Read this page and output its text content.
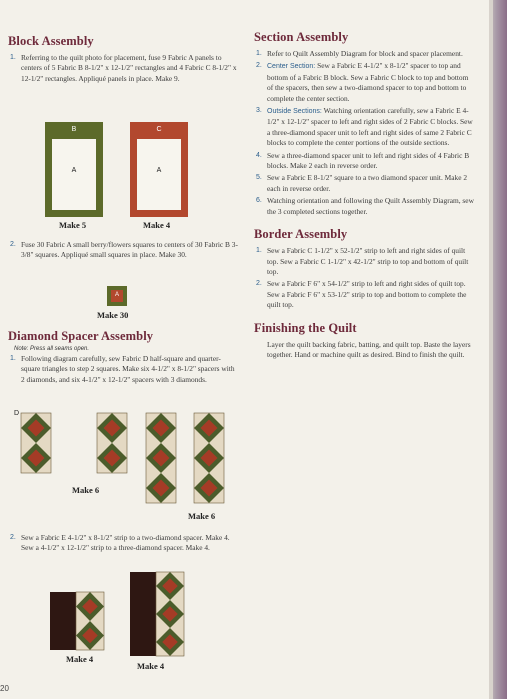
Block Assembly
1. Referring to the quilt photo for placement, fuse 9 Fabric A panels to centers of 5 Fabric B 8-1/2" x 12-1/2" rectangles and 4 Fabric C 8-1/2" x 12-1/2" rectangles. Appliqué panels in place. Make 9.
B
A
Make 5
C
A
Make 4
2. Fuse 30 Fabric A small berry/flowers squares to centers of 30 Fabric B 3-3/8" squares. Appliqué small squares in place. Make 30.
A
Make 30
Diamond Spacer Assembly
Note: Press all seams open.
1. Following diagram carefully, sew Fabric D half-square and quarter-square triangles to step 2 squares. Make six 4-1/2" x 8-1/2" spacers with 2 diamonds, and six 4-1/2" x 12-1/2" spacers with 3 diamonds.
D
Make 6
Make 6
2. Sew a Fabric E 4-1/2" x 8-1/2" strip to a two-diamond spacer. Make 4. Sew a 4-1/2" x 12-1/2" strip to a three-diamond spacer. Make 4.
Make 4
Make 4
Section Assembly
1. Refer to Quilt Assembly Diagram for block and spacer placement.
2. Center Section: Sew a Fabric E 4-1/2" x 8-1/2" spacer to top and bottom of a Fabric B block. Sew a Fabric C block to top and bottom of the spacers, then sew a two-diamond spacer to top and bottom to complete the center section.
3. Outside Sections: Watching orientation carefully, sew a Fabric E 4-1/2" x 12-1/2" spacer to left and right sides of 2 Fabric C blocks. Sew a three-diamond spacer unit to left and right sides of same 2 Fabric C blocks to complete the center portions of the outside sections.
4. Sew a three-diamond spacer unit to left and right sides of 4 Fabric B blocks. Make 2 each in reverse order.
5. Sew a Fabric E 8-1/2" square to a two diamond spacer unit. Make 2 each in reverse order.
6. Watching orientation and following the Quilt Assembly Diagram, sew the 3 completed sections together.
Border Assembly
1. Sew a Fabric C 1-1/2" x 52-1/2" strip to left and right sides of quilt top. Sew a Fabric C 1-1/2" x 42-1/2" strip to top and bottom of quilt top.
2. Sew a Fabric F 6" x 54-1/2" strip to left and right sides of quilt top. Sew a Fabric F 6" x 53-1/2" strip to top and bottom to complete the quilt top.
Finishing the Quilt

Layer the quilt backing fabric, batting, and quilt top. Baste the layers together. Hand or machine quilt as desired. Bind to finish the quilt.

20
